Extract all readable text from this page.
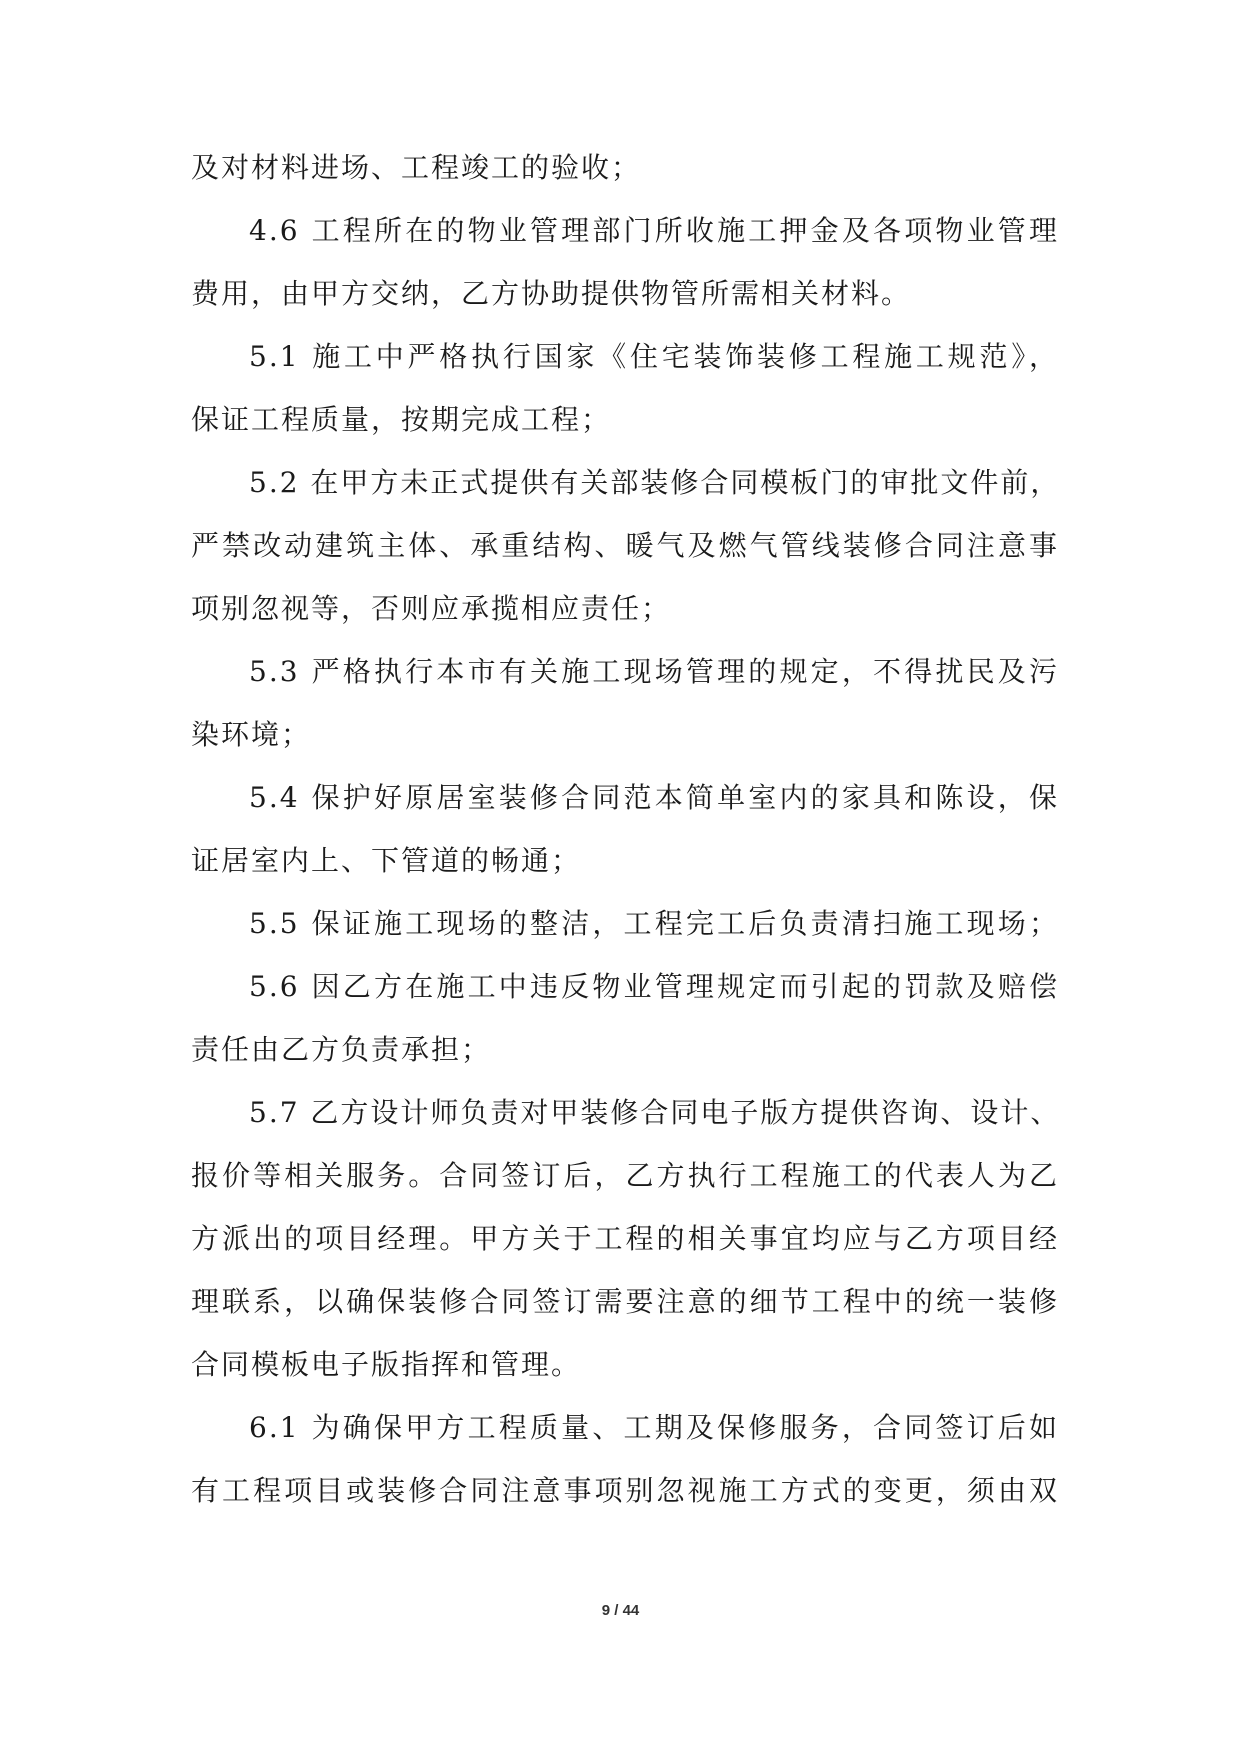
及对材料进场、工程竣工的验收；
4.6 工程所在的物业管理部门所收施工押金及各项物业管理
费用，由甲方交纳，乙方协助提供物管所需相关材料。
5.1 施工中严格执行国家《住宅装饰装修工程施工规范》，
保证工程质量，按期完成工程；
5.2 在甲方未正式提供有关部装修合同模板门的审批文件前，
严禁改动建筑主体、承重结构、暖气及燃气管线装修合同注意事
项别忽视等，否则应承揽相应责任；
5.3 严格执行本市有关施工现场管理的规定，不得扰民及污
染环境；
5.4 保护好原居室装修合同范本简单室内的家具和陈设，保
证居室内上、下管道的畅通；
5.5 保证施工现场的整洁，工程完工后负责清扫施工现场；
5.6 因乙方在施工中违反物业管理规定而引起的罚款及赔偿
责任由乙方负责承担；
5.7 乙方设计师负责对甲装修合同电子版方提供咨询、设计、
报价等相关服务。合同签订后，乙方执行工程施工的代表人为乙
方派出的项目经理。甲方关于工程的相关事宜均应与乙方项目经
理联系，以确保装修合同签订需要注意的细节工程中的统一装修
合同模板电子版指挥和管理。
6.1 为确保甲方工程质量、工期及保修服务，合同签订后如
有工程项目或装修合同注意事项别忽视施工方式的变更，须由双
9 / 44
